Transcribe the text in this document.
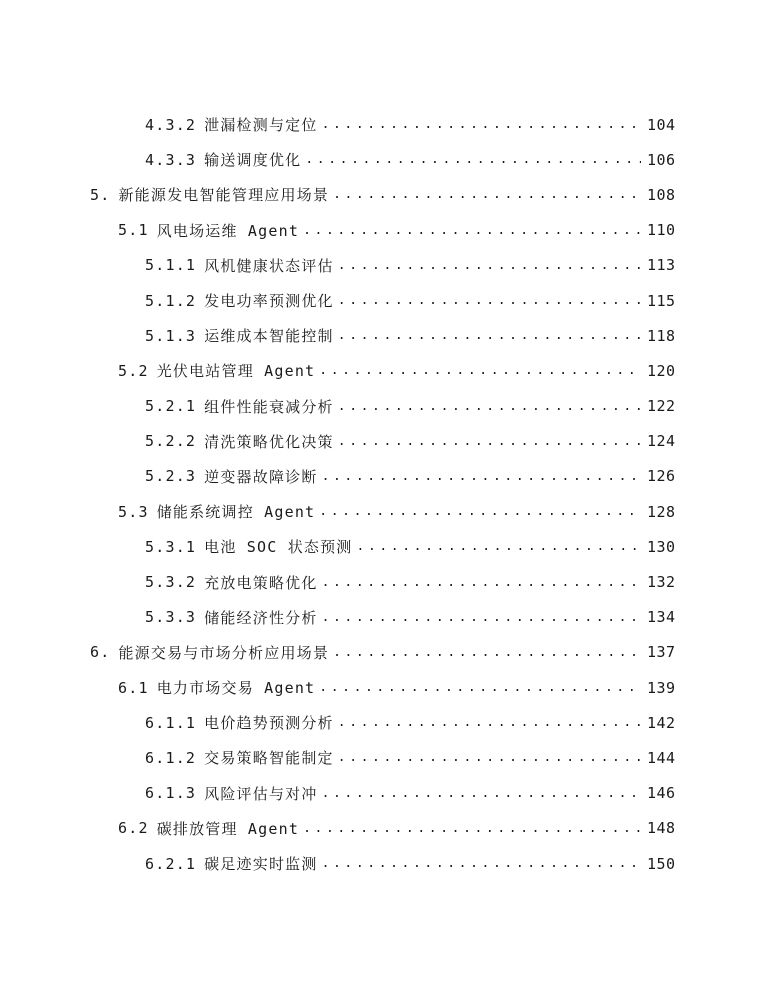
4.3.2 泄漏检测与定位 .....	104
4.3.3 输送调度优化 .....	106
5. 新能源发电智能管理应用场景 .....	108
5.1 风电场运维 Agent .....	110
5.1.1 风机健康状态评估 .....	113
5.1.2 发电功率预测优化 .....	115
5.1.3 运维成本智能控制 .....	118
5.2 光伏电站管理 Agent .....	120
5.2.1 组件性能衰减分析 .....	122
5.2.2 清洗策略优化决策 .....	124
5.2.3 逆变器故障诊断 .....	126
5.3 储能系统调控 Agent .....	128
5.3.1 电池 SOC 状态预测 .....	130
5.3.2 充放电策略优化 .....	132
5.3.3 储能经济性分析 .....	134
6. 能源交易与市场分析应用场景 .....	137
6.1 电力市场交易 Agent .....	139
6.1.1 电价趋势预测分析 .....	142
6.1.2 交易策略智能制定 .....	144
6.1.3 风险评估与对冲 .....	146
6.2 碳排放管理 Agent .....	148
6.2.1 碳足迹实时监测 .....	150
